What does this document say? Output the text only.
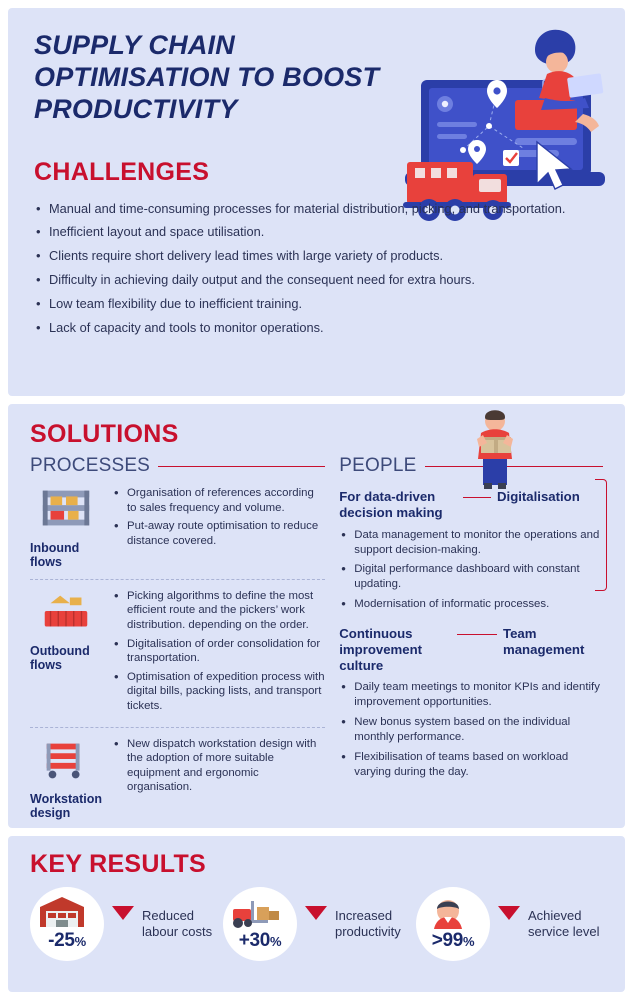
SUPPLY CHAIN OPTIMISATION TO BOOST PRODUCTIVITY
CHALLENGES
• Manual and time-consuming processes for material distribution, picking, and transportation.
• Inefficient layout and space utilisation.
• Clients require short delivery lead times with large variety of products.
• Difficulty in achieving daily output and the consequent need for extra hours.
• Low team flexibility due to inefficient training.
• Lack of capacity and tools to monitor operations.
SOLUTIONS
PROCESSES
Inbound flows
• Organisation of references according to sales frequency and volume.
• Put-away route optimisation to reduce distance covered.
Outbound flows
• Picking algorithms to define the most efficient route and the pickers’ work distribution. depending on the order.
• Digitalisation of order consolidation for transportation.
• Optimisation of expedition process with digital bills, packing lists, and transport tickets.
Workstation design
• New dispatch workstation design with the adoption of more suitable equipment and ergonomic organisation.
PEOPLE
For data-driven decision making
Digitalisation
• Data management to monitor the operations and support decision-making.
• Digital performance dashboard with constant updating.
• Modernisation of informatic processes.
Continuous improvement culture
Team management
• Daily team meetings to monitor KPIs and identify improvement opportunities.
• New bonus system based on the individual monthly performance.
• Flexibilisation of teams based on workload varying during the day.
KEY RESULTS
-25%
Reduced labour costs +30%
Increased productivity	>99%
Achieved service level
